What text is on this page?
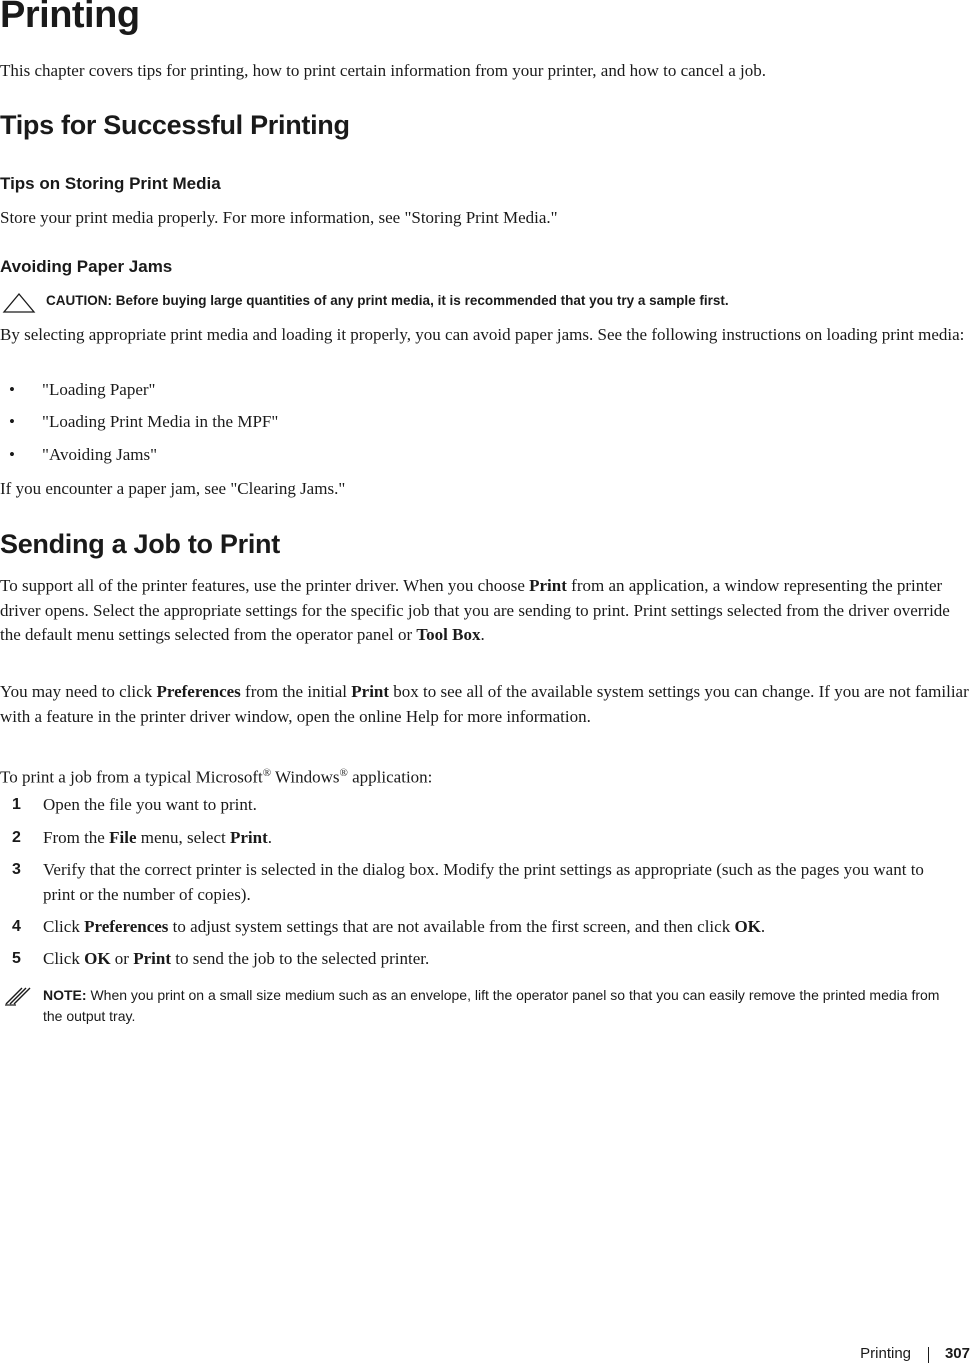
Printing

This chapter covers tips for printing, how to print certain information from your printer, and how to cancel a job.

Tips for Successful Printing
Tips on Storing Print Media

Store your print media properly. For more information, see "Storing Print Media."

Avoiding Paper Jams
CAUTION: Before buying large quantities of any print media, it is recommended that you try a sample first.

By selecting appropriate print media and loading it properly, you can avoid paper jams. See the following instructions on loading print media:

• "Loading Paper"
• "Loading Print Media in the MPF"
• "Avoiding Jams"

If you encounter a paper jam, see "Clearing Jams."

Sending a Job to Print

To support all of the printer features, use the printer driver. When you choose Print from an application, a window representing the printer driver opens. Select the appropriate settings for the specific job that you are sending to print. Print settings selected from the driver override the default menu settings selected from the operator panel or Tool Box.

You may need to click Preferences from the initial Print box to see all of the available system settings you can change. If you are not familiar with a feature in the printer driver window, open the online Help for more information.

To print a job from a typical Microsoft® Windows® application:

1 Open the file you want to print.
2 From the File menu, select Print.
3 Verify that the correct printer is selected in the dialog box. Modify the print settings as appropriate (such as the pages you want to print or the number of copies).
4 Click Preferences to adjust system settings that are not available from the first screen, and then click OK.
5 Click OK or Print to send the job to the selected printer.
NOTE: When you print on a small size medium such as an envelope, lift the operator panel so that you can easily remove the printed media from the output tray.
Printing 307
